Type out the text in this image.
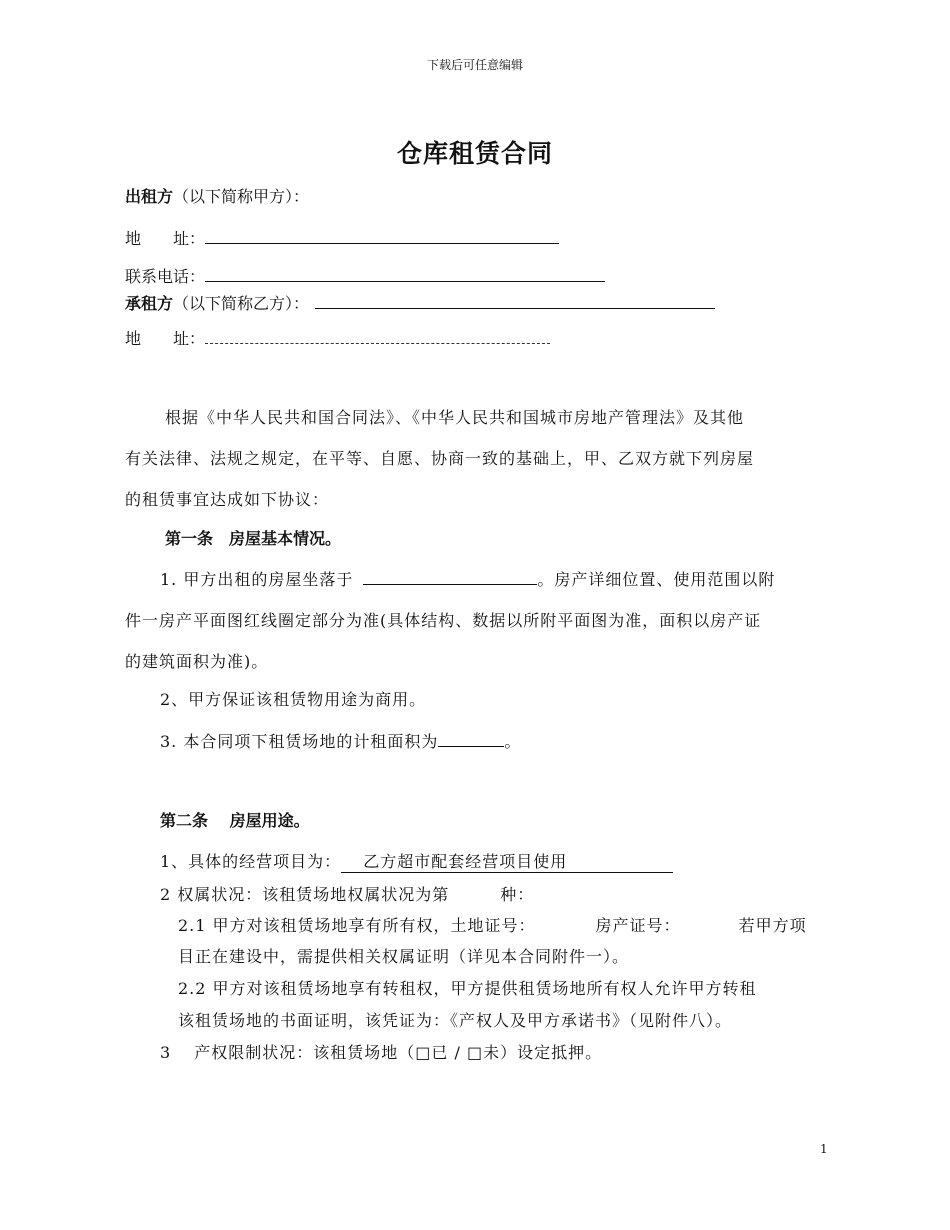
下载后可任意编辑
仓库租赁合同
出租方（以下简称甲方）：
地　　址：
联系电话：
承租方（以下简称乙方）：
地　　址：
根据《中华人民共和国合同法》、《中华人民共和国城市房地产管理法》及其他
有关法律、法规之规定，在平等、自愿、协商一致的基础上，甲、乙双方就下列房屋
的租赁事宜达成如下协议：
第一条　房屋基本情况。
1. 甲方出租的房屋坐落于	。房产详细位置、使用范围以附
件一房产平面图红线圈定部分为准(具体结构、数据以所附平面图为准，面积以房产证
的建筑面积为准)。
2、甲方保证该租赁物用途为商用。
3. 本合同项下租赁场地的计租面积为	。
第二条　 房屋用途。
1、具体的经营项目为： 乙方超市配套经营项目使用
2 权属状况：该租赁场地权属状况为第　　　种：
2.1 甲方对该租赁场地享有所有权，土地证号：	房产证号：	若甲方项
目正在建设中，需提供相关权属证明（详见本合同附件一）。
2.2 甲方对该租赁场地享有转租权，甲方提供租赁场地所有权人允许甲方转租
该租赁场地的书面证明，该凭证为：《产权人及甲方承诺书》（见附件八）。
3　 产权限制状况：该租赁场地（□已 / □未）设定抵押。
1
